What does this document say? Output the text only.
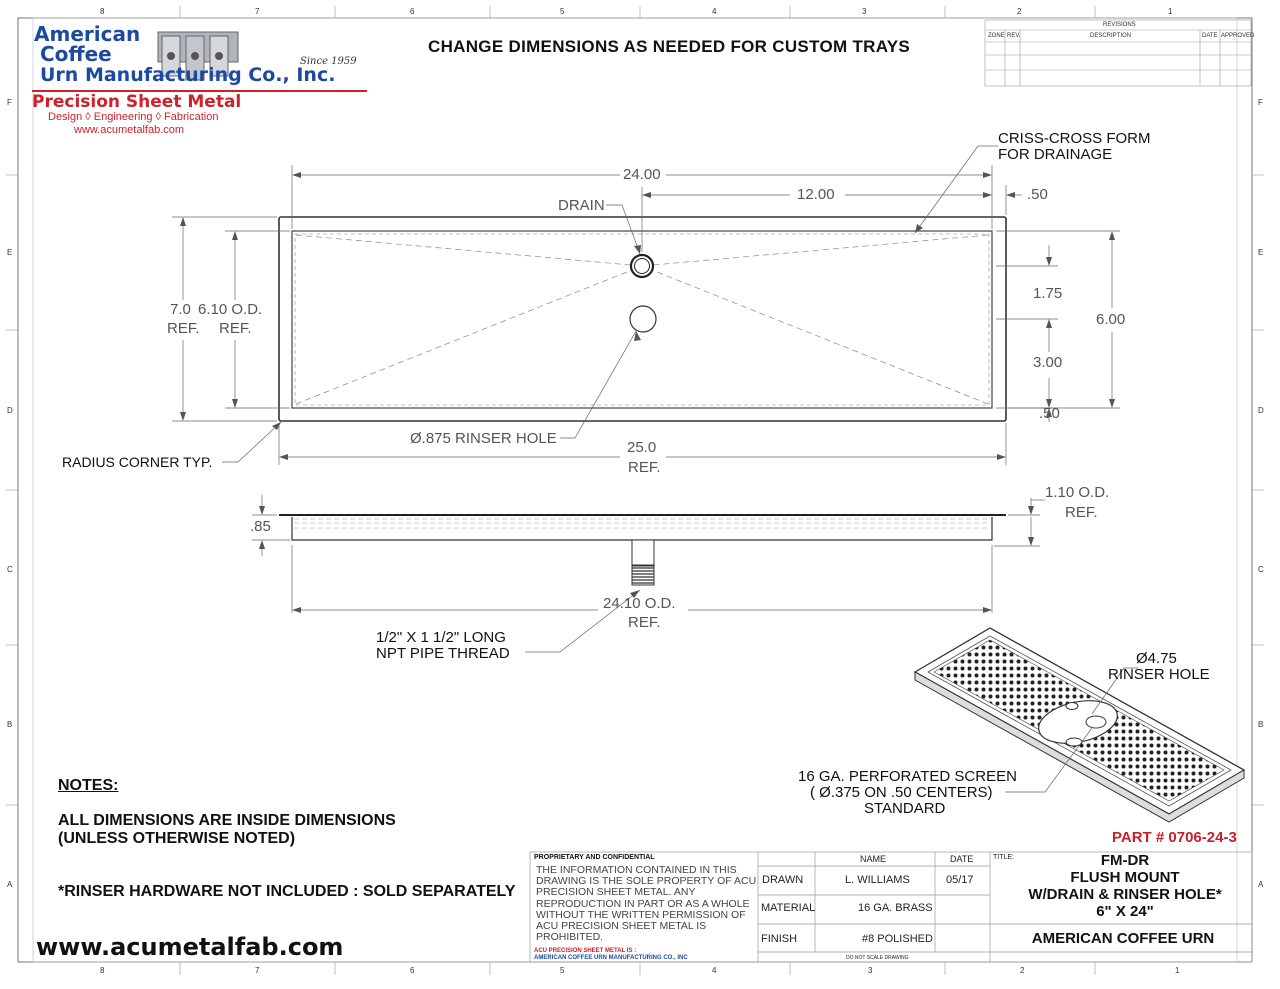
American
Coffee
Urn Manufacturing Co., Inc.
Since 1959
Precision Sheet Metal
Design ◊ Engineering ◊ Fabrication
www.acumetalfab.com
CHANGE DIMENSIONS AS NEEDED FOR CUSTOM TRAYS
REVISIONS
ZONE REV.	DESCRIPTION	DATE APPROVED
8	7	6	5	4	3	2	1
8	7	6	5	4	3	2	1
F
E
D
C
B
A
F
E
D
C
B
A
24.00
12.00	.50
DRAIN
CRISS-CROSS FORM
FOR DRAINAGE
7.0 6.10 O.D.
REF. REF.
1.75
6.00
3.00
.50
Ø.875 RINSER HOLE
25.0
REF.
RADIUS CORNER TYP.
.85
1.10 O.D.
REF.
24.10 O.D.
REF.
1/2" X 1 1/2" LONG
NPT PIPE THREAD	Ø4.75
RINSER HOLE
16 GA. PERFORATED SCREEN
( Ø.375 ON .50 CENTERS)
STANDARD
NOTES:
ALL DIMENSIONS ARE INSIDE DIMENSIONS
(UNLESS OTHERWISE NOTED)
*RINSER HARDWARE NOT INCLUDED : SOLD SEPARATELY
www.acumetalfab.com
PART # 0706-24-3
PROPRIETARY AND CONFIDENTIAL
THE INFORMATION CONTAINED IN THIS DRAWING IS THE SOLE PROPERTY OF ACU PRECISION SHEET METAL. ANY REPRODUCTION IN PART OR AS A WHOLE WITHOUT THE WRITTEN PERMISSION OF ACU PRECISION SHEET METAL IS PROHIBITED.
ACU PRECISION SHEET METAL IS :
AMERICAN COFFEE URN MANUFACTURING CO., INC
NAME	DATE	TITLE:
DRAWN	L. WILLIAMS	05/17
MATERIAL	16 GA. BRASS
FINISH	#8 POLISHED
DO NOT SCALE DRAWING
FM-DR
FLUSH MOUNT
W/DRAIN & RINSER HOLE*
6" X 24"
AMERICAN COFFEE URN
